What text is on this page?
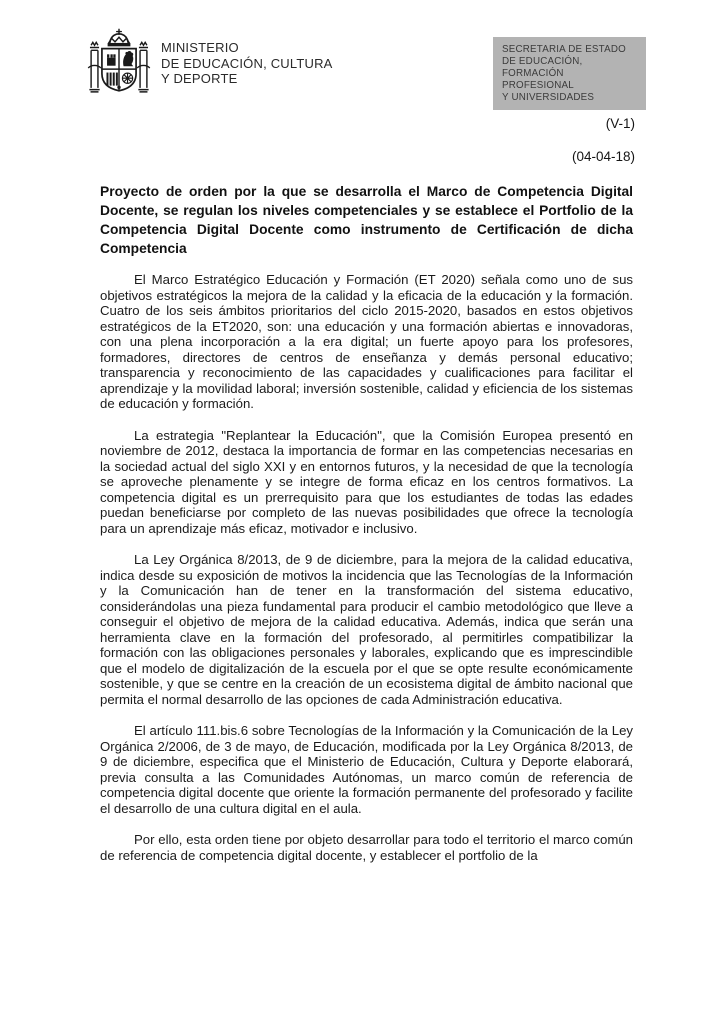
MINISTERIO
DE EDUCACIÓN, CULTURA
Y DEPORTE
SECRETARIA DE ESTADO
DE EDUCACIÓN,
FORMACIÓN PROFESIONAL
Y UNIVERSIDADES
(V-1)
(04-04-18)

Proyecto de orden por la que se desarrolla el Marco de Competencia Digital Docente, se regulan los niveles competenciales y se establece el Portfolio de la Competencia Digital Docente como instrumento de Certificación de dicha Competencia

El Marco Estratégico Educación y Formación (ET 2020) señala como uno de sus objetivos estratégicos la mejora de la calidad y la eficacia de la educación y la formación. Cuatro de los seis ámbitos prioritarios del ciclo 2015-2020, basados en estos objetivos estratégicos de la ET2020, son: una educación y una formación abiertas e innovadoras, con una plena incorporación a la era digital; un fuerte apoyo para los profesores, formadores, directores de centros de enseñanza y demás personal educativo; transparencia y reconocimiento de las capacidades y cualificaciones para facilitar el aprendizaje y la movilidad laboral; inversión sostenible, calidad y eficiencia de los sistemas de educación y formación.

La estrategia "Replantear la Educación", que la Comisión Europea presentó en noviembre de 2012, destaca la importancia de formar en las competencias necesarias en la sociedad actual del siglo XXI y en entornos futuros, y la necesidad de que la tecnología se aproveche plenamente y se integre de forma eficaz en los centros formativos. La competencia digital es un prerrequisito para que los estudiantes de todas las edades puedan beneficiarse por completo de las nuevas posibilidades que ofrece la tecnología para un aprendizaje más eficaz, motivador e inclusivo.

La Ley Orgánica 8/2013, de 9 de diciembre, para la mejora de la calidad educativa, indica desde su exposición de motivos la incidencia que las Tecnologías de la Información y la Comunicación han de tener en la transformación del sistema educativo, considerándolas una pieza fundamental para producir el cambio metodológico que lleve a conseguir el objetivo de mejora de la calidad educativa. Además, indica que serán una herramienta clave en la formación del profesorado, al permitirles compatibilizar la formación con las obligaciones personales y laborales, explicando que es imprescindible que el modelo de digitalización de la escuela por el que se opte resulte económicamente sostenible, y que se centre en la creación de un ecosistema digital de ámbito nacional que permita el normal desarrollo de las opciones de cada Administración educativa.

El artículo 111.bis.6 sobre Tecnologías de la Información y la Comunicación de la Ley Orgánica 2/2006, de 3 de mayo, de Educación, modificada por la Ley Orgánica 8/2013, de 9 de diciembre, especifica que el Ministerio de Educación, Cultura y Deporte elaborará, previa consulta a las Comunidades Autónomas, un marco común de referencia de competencia digital docente que oriente la formación permanente del profesorado y facilite el desarrollo de una cultura digital en el aula.

Por ello, esta orden tiene por objeto desarrollar para todo el territorio el marco común de referencia de competencia digital docente, y establecer el portfolio de la
